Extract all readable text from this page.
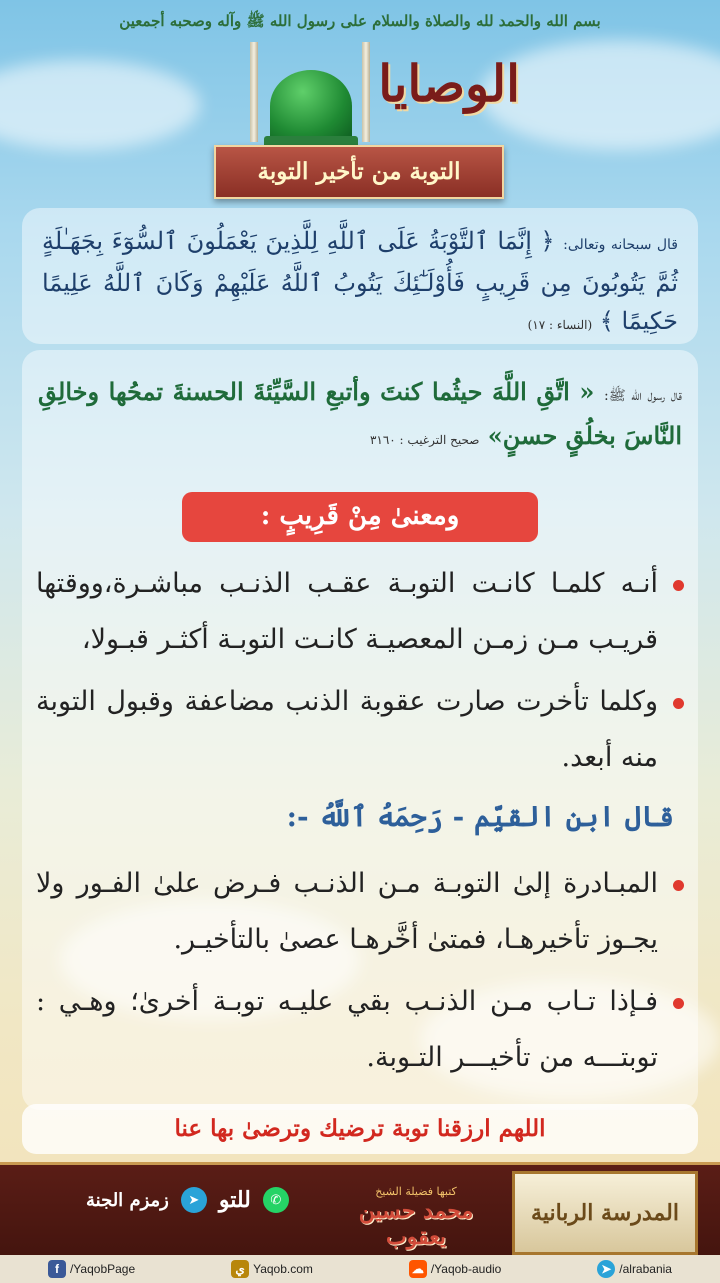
بسم الله والحمد لله والصلاة والسلام على رسول الله ﷺ وآله وصحبه أجمعين
الوصايا
التوبة من تأخير التوبة
قال سبحانه وتعالى: ﴿ إِنَّمَا ٱلتَّوْبَةُ عَلَى ٱللَّهِ لِلَّذِينَ يَعْمَلُونَ ٱلسُّوٓءَ بِجَهَـٰلَةٍ ثُمَّ يَتُوبُونَ مِن قَرِيبٍ فَأُوْلَـٰٓئِكَ يَتُوبُ ٱللَّهُ عَلَيْهِمْ وَكَانَ ٱللَّهُ عَلِيمًا حَكِيمًا ﴾ (النساء : ١٧)
قال رسول الله ﷺ: « اتَّقِ اللَّهَ حيثُما كنتَ وأتبعِ السَّيِّئةَ الحسنةَ تمحُها وخالِقِ النَّاسَ بخلُقٍ حسنٍ» صحيح الترغيب : ٣١٦٠
ومعنىٰ مِنْ قَرِيبٍ :
أنـه كلمـا كانـت التوبـة عقـب الذنـب مباشـرة،ووقتها قريـب مـن زمـن المعصيـة كانـت التوبـة أكثـر قبـولا،
وكلما تأخرت صارت عقوبة الذنب مضاعفة وقبول التوبة منه أبعد.
قال ابن القيِّم - رَحِمَهُ ٱللَّهُ -:
المبـادرة إلىٰ التوبـة مـن الذنـب فـرض علىٰ الفـور ولا يجـوز تأخيرهـا، فمتىٰ أخَّرهـا عصىٰ بالتأخيـر.
فـإذا تـاب مـن الذنـب بقي عليـه توبـة أخرىٰ؛ وهـي : توبتـــه من تأخيـــر التـوبة.
اللهم ارزقنا توبة ترضيك وترضىٰ بها عنا
المدرسة الربانية
كتبها فضيلة الشيخ
محمد حسين يعقوب
زمزم الجنة	➤ للتو	✆
f /YaqobPage	ي Yaqob.com	☁ /Yaqob-audio	➤ /alrabania
